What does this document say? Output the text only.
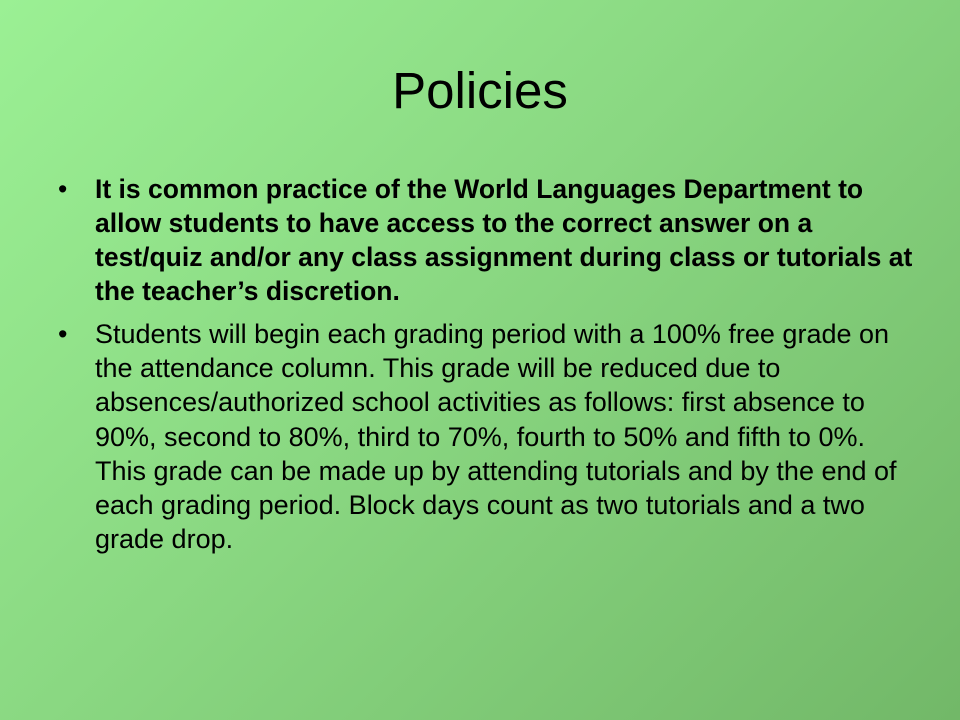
Policies
• It is common practice of the World Languages Department to allow students to have access to the correct answer on a test/quiz and/or any class assignment during class or tutorials at the teacher’s discretion.
• Students will begin each grading period with a 100% free grade on the attendance column. This grade will be reduced due to absences/authorized school activities as follows: first absence to 90%, second to 80%, third to 70%, fourth to 50% and fifth to 0%. This grade can be made up by attending tutorials and by the end of each grading period. Block days count as two tutorials and a two grade drop.
